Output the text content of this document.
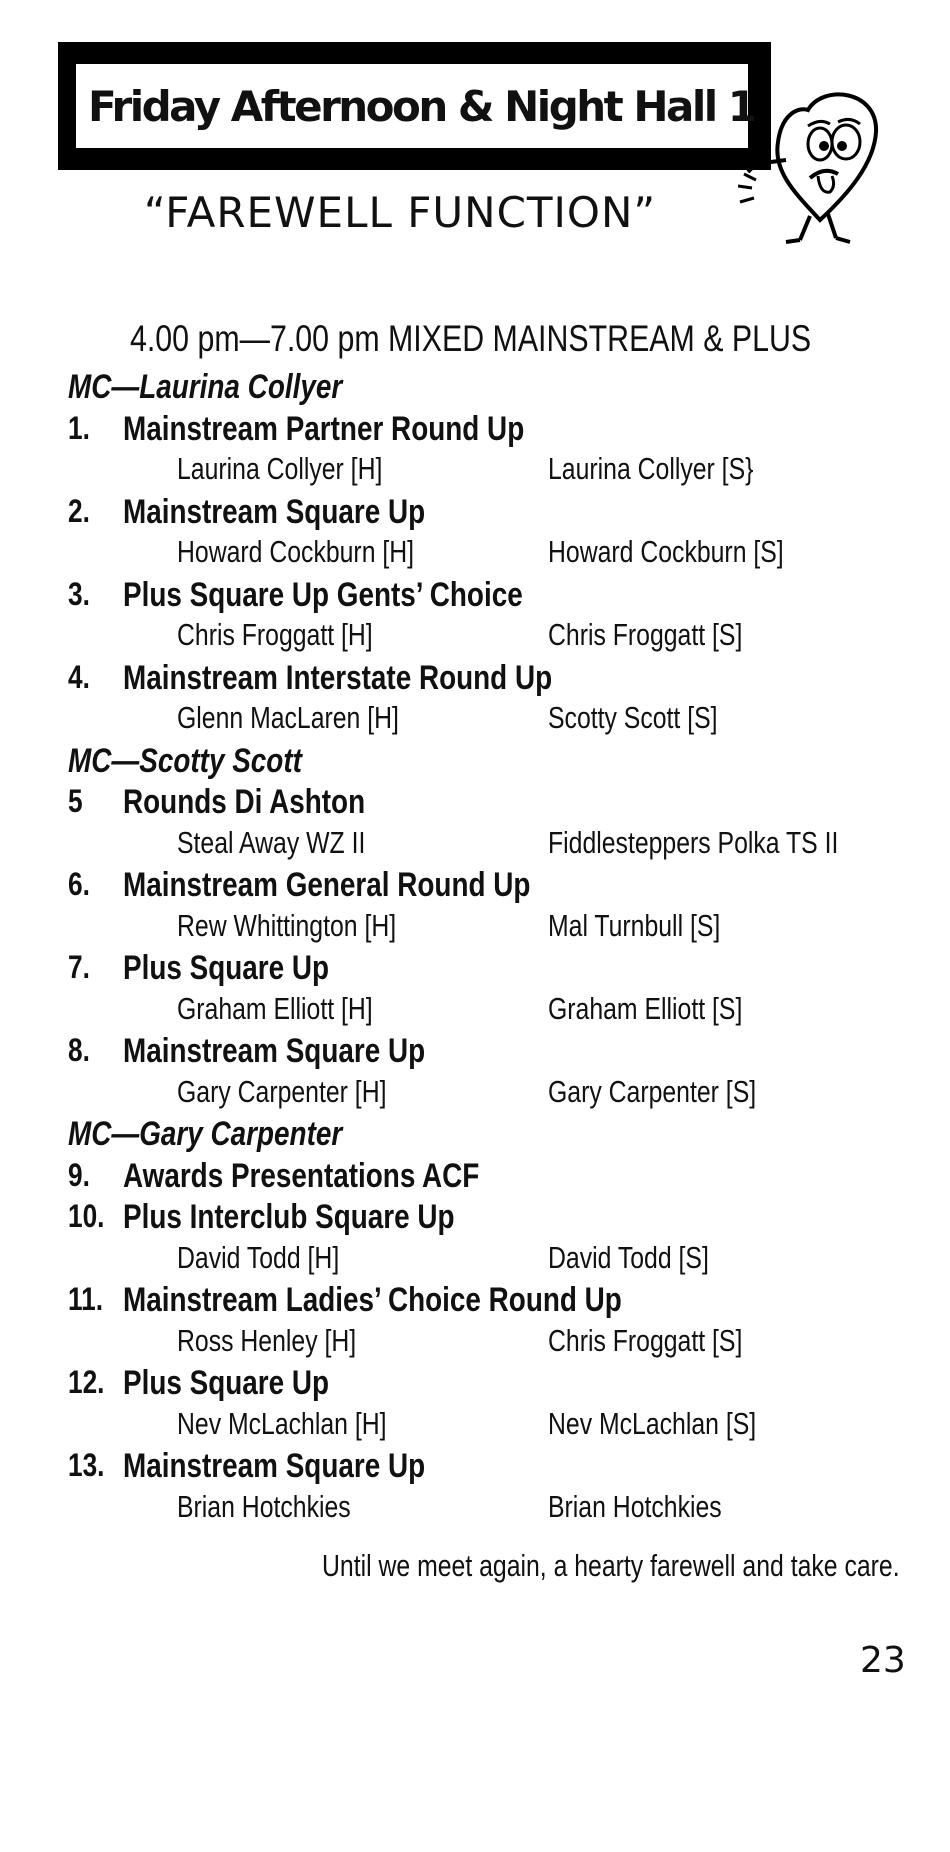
Friday Afternoon & Night Hall 1
“FAREWELL FUNCTION”
4.00 pm—7.00 pm MIXED MAINSTREAM & PLUS
MC—Laurina Collyer
1. Mainstream Partner Round Up
Laurina Collyer [H]	Laurina Collyer [S}
2. Mainstream Square Up
Howard Cockburn [H]	Howard Cockburn [S]
3. Plus Square Up Gents’ Choice
Chris Froggatt [H]	Chris Froggatt [S]
4. Mainstream Interstate Round Up
Glenn MacLaren [H]	Scotty Scott [S]
MC—Scotty Scott
5 Rounds Di Ashton
Steal Away WZ II	Fiddlesteppers Polka TS II
6. Mainstream General Round Up
Rew Whittington [H]	Mal Turnbull [S]
7. Plus Square Up
Graham Elliott [H]	Graham Elliott [S]
8. Mainstream Square Up
Gary Carpenter [H]	Gary Carpenter [S]
MC—Gary Carpenter
9. Awards Presentations ACF
10. Plus Interclub Square Up
David Todd [H]	David Todd [S]
11. Mainstream Ladies’ Choice Round Up
Ross Henley [H]	Chris Froggatt [S]
12. Plus Square Up
Nev McLachlan [H]	Nev McLachlan [S]
13. Mainstream Square Up
Brian Hotchkies	Brian Hotchkies
Until we meet again, a hearty farewell and take care.
23
